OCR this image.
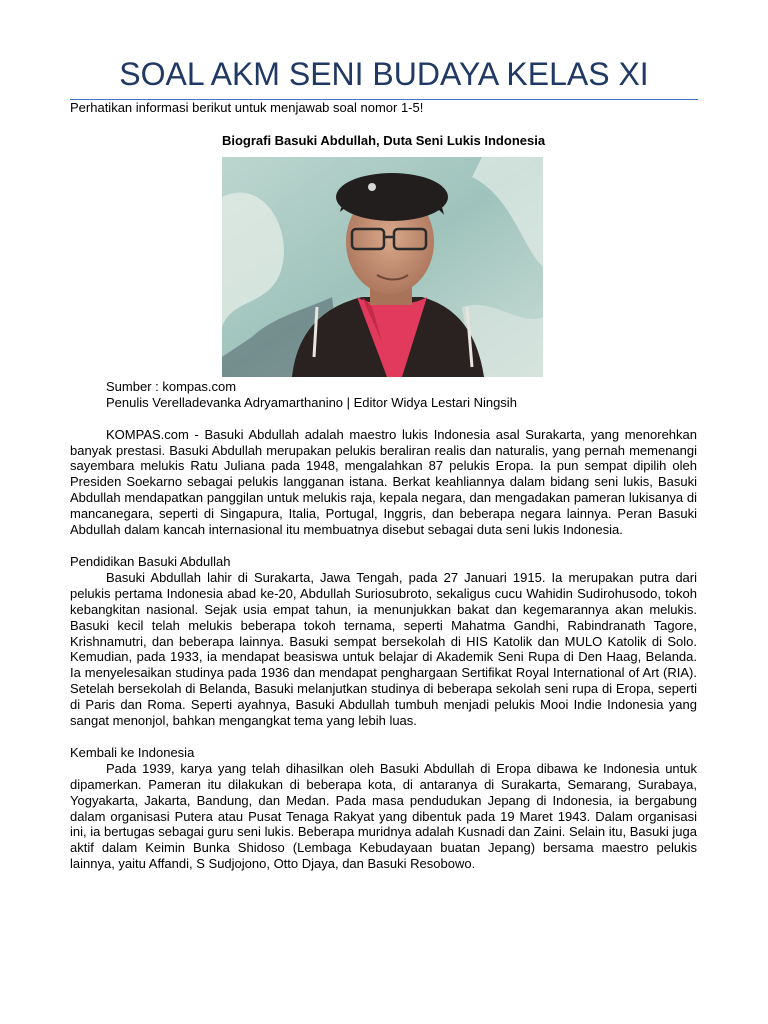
SOAL AKM SENI BUDAYA KELAS XI

Perhatikan informasi berikut untuk menjawab soal nomor 1-5!

Biografi Basuki Abdullah, Duta Seni Lukis Indonesia

Sumber : kompas.com

Penulis Verelladevanka Adryamarthanino | Editor Widya Lestari Ningsih

KOMPAS.com - Basuki Abdullah adalah maestro lukis Indonesia asal Surakarta, yang menorehkan banyak prestasi. Basuki Abdullah merupakan pelukis beraliran realis dan naturalis, yang pernah memenangi sayembara melukis Ratu Juliana pada 1948, mengalahkan 87 pelukis Eropa. Ia pun sempat dipilih oleh Presiden Soekarno sebagai pelukis langganan istana. Berkat keahliannya dalam bidang seni lukis, Basuki Abdullah mendapatkan panggilan untuk melukis raja, kepala negara, dan mengadakan pameran lukisanya di mancanegara, seperti di Singapura, Italia, Portugal, Inggris, dan beberapa negara lainnya. Peran Basuki Abdullah dalam kancah internasional itu membuatnya disebut sebagai duta seni lukis Indonesia.

Pendidikan Basuki Abdullah

Basuki Abdullah lahir di Surakarta, Jawa Tengah, pada 27 Januari 1915. Ia merupakan putra dari pelukis pertama Indonesia abad ke-20, Abdullah Suriosubroto, sekaligus cucu Wahidin Sudirohusodo, tokoh kebangkitan nasional. Sejak usia empat tahun, ia menunjukkan bakat dan kegemarannya akan melukis. Basuki kecil telah melukis beberapa tokoh ternama, seperti Mahatma Gandhi, Rabindranath Tagore, Krishnamutri, dan beberapa lainnya. Basuki sempat bersekolah di HIS Katolik dan MULO Katolik di Solo. Kemudian, pada 1933, ia mendapat beasiswa untuk belajar di Akademik Seni Rupa di Den Haag, Belanda. Ia menyelesaikan studinya pada 1936 dan mendapat penghargaan Sertifikat Royal International of Art (RIA). Setelah bersekolah di Belanda, Basuki melanjutkan studinya di beberapa sekolah seni rupa di Eropa, seperti di Paris dan Roma. Seperti ayahnya, Basuki Abdullah tumbuh menjadi pelukis Mooi Indie Indonesia yang sangat menonjol, bahkan mengangkat tema yang lebih luas.

Kembali ke Indonesia

Pada 1939, karya yang telah dihasilkan oleh Basuki Abdullah di Eropa dibawa ke Indonesia untuk dipamerkan. Pameran itu dilakukan di beberapa kota, di antaranya di Surakarta, Semarang, Surabaya, Yogyakarta, Jakarta, Bandung, dan Medan. Pada masa pendudukan Jepang di Indonesia, ia bergabung dalam organisasi Putera atau Pusat Tenaga Rakyat yang dibentuk pada 19 Maret 1943. Dalam organisasi ini, ia bertugas sebagai guru seni lukis. Beberapa muridnya adalah Kusnadi dan Zaini. Selain itu, Basuki juga aktif dalam Keimin Bunka Shidoso (Lembaga Kebudayaan buatan Jepang) bersama maestro pelukis lainnya, yaitu Affandi, S Sudjojono, Otto Djaya, dan Basuki Resobowo.
